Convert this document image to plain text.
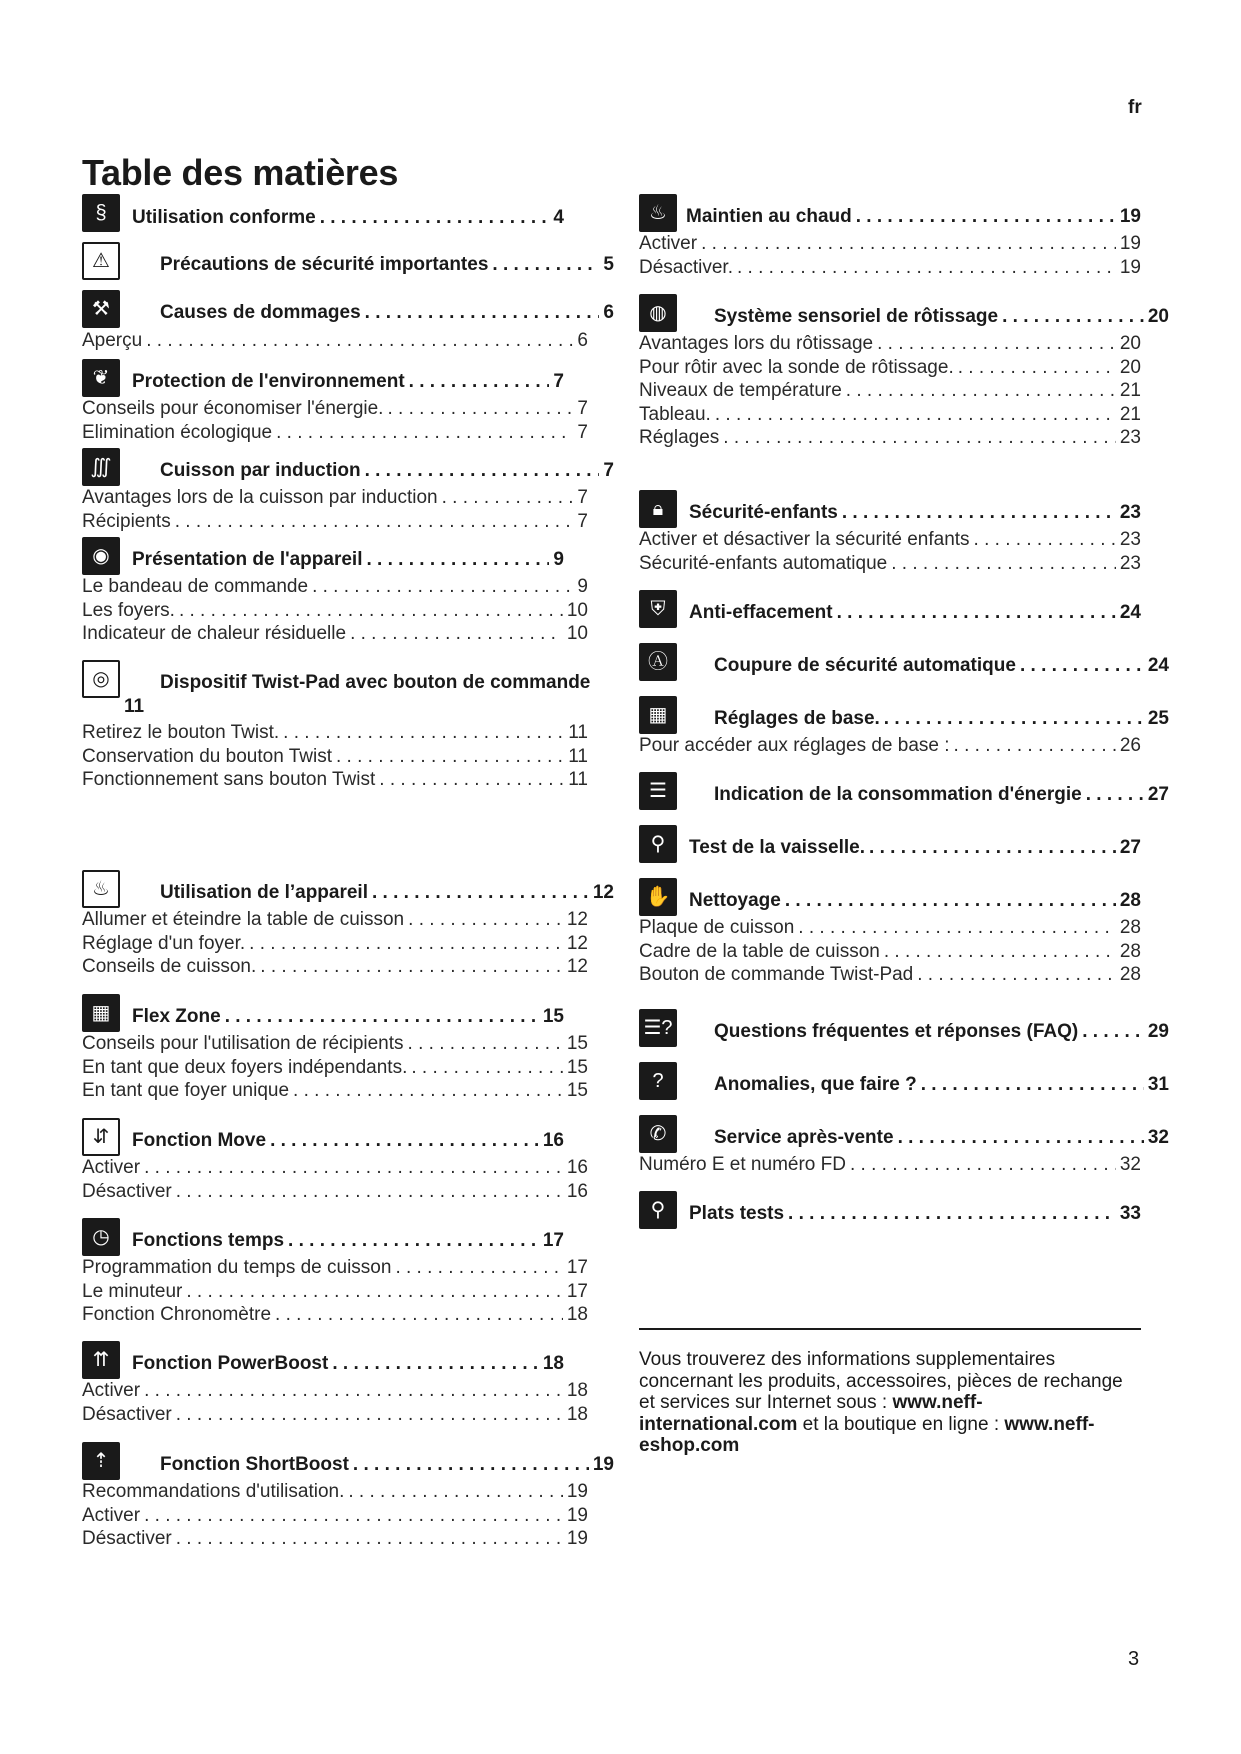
fr
Table des matières
§	Utilisation conforme . . .	4
⚠	Précautions de sécurité importantes . . .	5
⚒	Causes de dommages . . .	6
Aperçu . . .	6
❦	Protection de l'environnement . . .	7
Conseils pour économiser l'énergie. . . .	7
Elimination écologique . . .	7
∭	Cuisson par induction . . .	7
Avantages lors de la cuisson par induction . . .	7
Récipients . . .	7
◉	Présentation de l'appareil . . .	9
Le bandeau de commande . . .	9
Les foyers. . . .	10
Indicateur de chaleur résiduelle . . .	10
◎	Dispositif Twist-Pad avec bouton de commande
11
Retirez le bouton Twist. . . .	11
Conservation du bouton Twist . . .	11
Fonctionnement sans bouton Twist . . .	11
♨	Utilisation de l’appareil . . .	12
Allumer et éteindre la table de cuisson . . .	12
Réglage d'un foyer. . . .	12
Conseils de cuisson. . . .	12
▦	Flex Zone . . .	15
Conseils pour l'utilisation de récipients . . .	15
En tant que deux foyers indépendants. . . .	15
En tant que foyer unique . . .	15
⇵	Fonction Move . . .	16
Activer . . .	16
Désactiver . . .	16
◷	Fonctions temps . . .	17
Programmation du temps de cuisson . . .	17
Le minuteur . . .	17
Fonction Chronomètre . . .	18
⇈	Fonction PowerBoost . . .	18
Activer . . .	18
Désactiver . . .	18
⇡	Fonction ShortBoost . . .	19
Recommandations d'utilisation. . . .	19
Activer . . .	19
Désactiver . . .	19
♨	Maintien au chaud . . .	19
Activer . . .	19
Désactiver. . . .	19
◍	Système sensoriel de rôtissage . . .	20
Avantages lors du rôtissage . . .	20
Pour rôtir avec la sonde de rôtissage. . . .	20
Niveaux de température . . .	21
Tableau. . . .	21
Réglages . . .	23
🔒︎	Sécurité-enfants . . .	23
Activer et désactiver la sécurité enfants . . .	23
Sécurité-enfants automatique . . .	23
⛨	Anti-effacement . . .	24
Ⓐ	Coupure de sécurité automatique . . .	24
▦	Réglages de base. . . .	25
Pour accéder aux réglages de base : . . .	26
☰	Indication de la consommation d'énergie . . .	27
⚲	Test de la vaisselle. . . .	27
✋ Nettoyage . . .	28
Plaque de cuisson . . .	28
Cadre de la table de cuisson . . .	28
Bouton de commande Twist-Pad . . .	28
☰? Questions fréquentes et réponses (FAQ) . . .	29
?	Anomalies, que faire ? . . .	31
✆	Service après-vente . . .	32
Numéro E et numéro FD . . .	32
⚲	Plats tests . . .	33
Vous trouverez des informations supplementaires concernant les produits, accessoires, pièces de rechange et services sur Internet sous : www.neff-international.com et la boutique en ligne : www.neff-eshop.com
3
